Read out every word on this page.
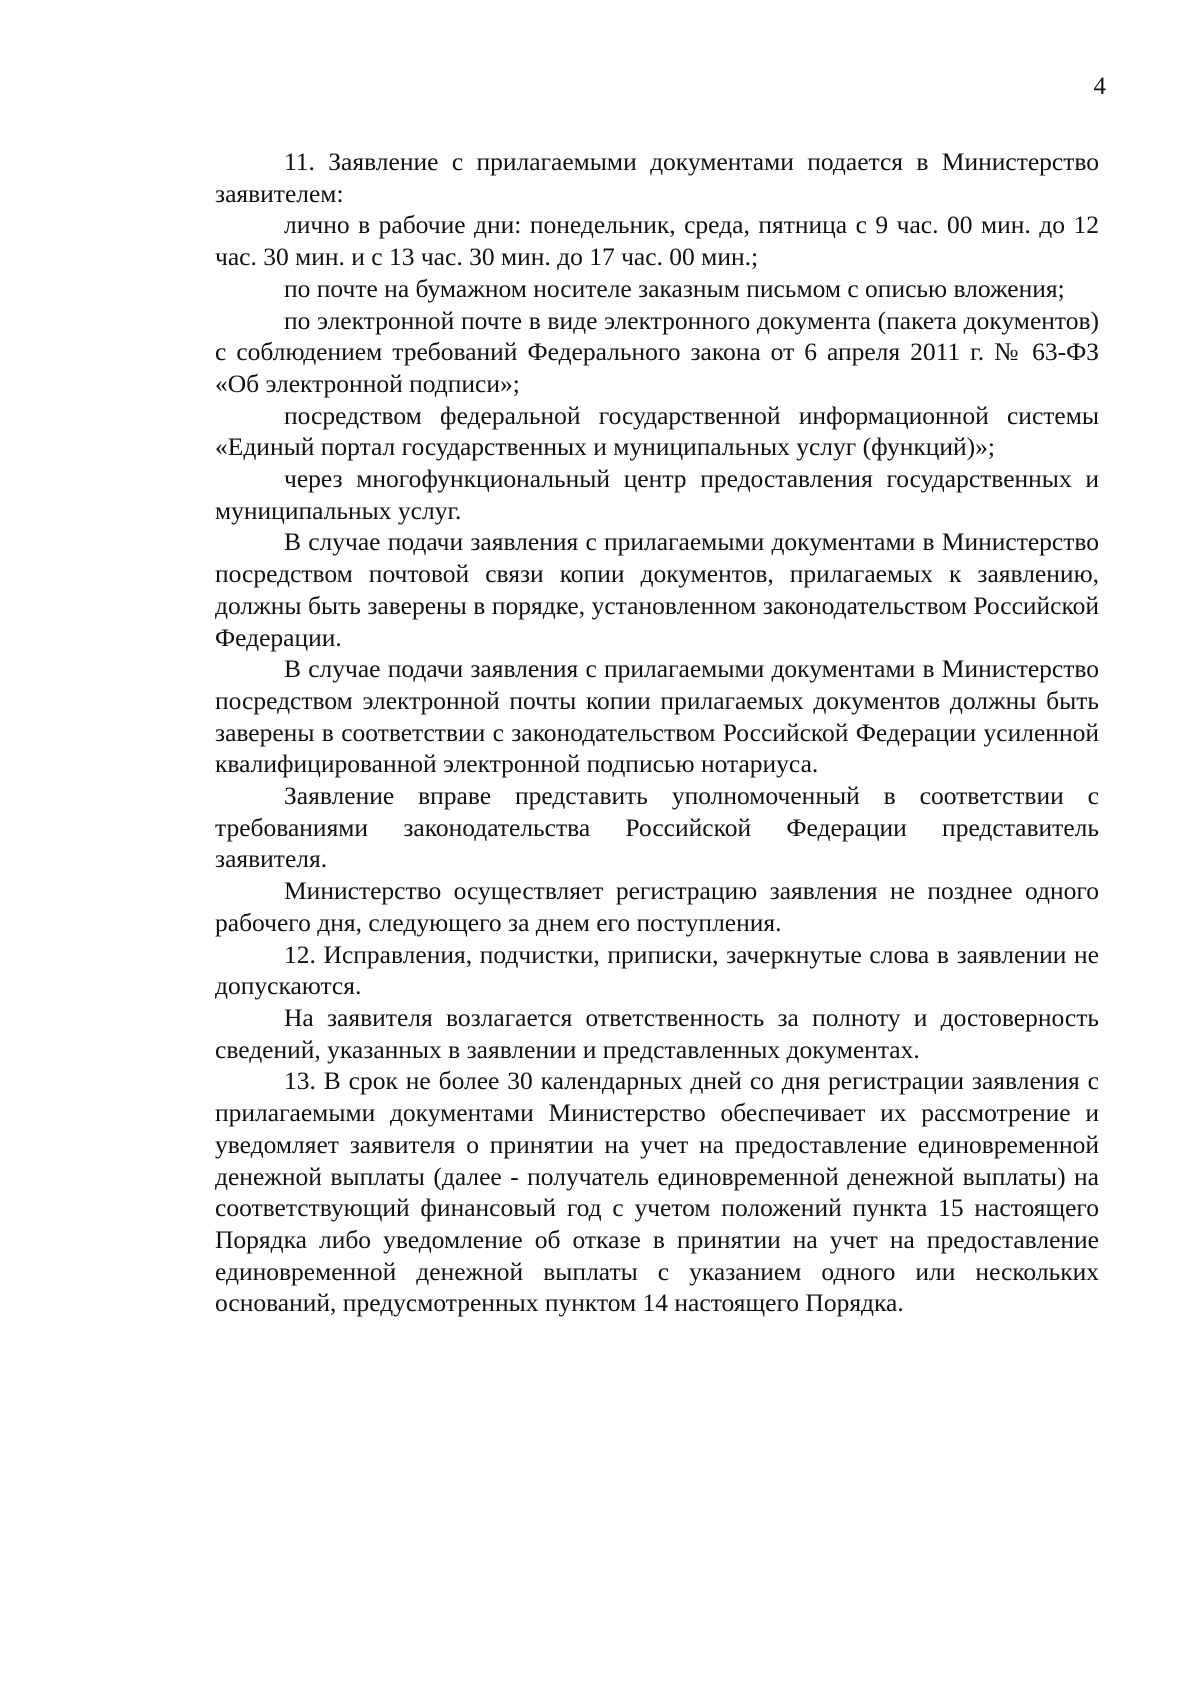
4

11. Заявление с прилагаемыми документами подается в Министерство заявителем:

лично в рабочие дни: понедельник, среда, пятница с 9 час. 00 мин. до 12 час. 30 мин. и с 13 час. 30 мин. до 17 час. 00 мин.;

по почте на бумажном носителе заказным письмом с описью вложения;

по электронной почте в виде электронного документа (пакета документов) с соблюдением требований Федерального закона от 6 апреля 2011 г. № 63-ФЗ «Об электронной подписи»;

посредством федеральной государственной информационной системы «Единый портал государственных и муниципальных услуг (функций)»;

через многофункциональный центр предоставления государственных и муниципальных услуг.

В случае подачи заявления с прилагаемыми документами в Министерство посредством почтовой связи копии документов, прилагаемых к заявлению, должны быть заверены в порядке, установленном законодательством Российской Федерации.

В случае подачи заявления с прилагаемыми документами в Министерство посредством электронной почты копии прилагаемых документов должны быть заверены в соответствии с законодательством Российской Федерации усиленной квалифицированной электронной подписью нотариуса.

Заявление вправе представить уполномоченный в соответствии с требованиями законодательства Российской Федерации представитель заявителя.

Министерство осуществляет регистрацию заявления не позднее одного рабочего дня, следующего за днем его поступления.

12. Исправления, подчистки, приписки, зачеркнутые слова в заявлении не допускаются.

На заявителя возлагается ответственность за полноту и достоверность сведений, указанных в заявлении и представленных документах.

13. В срок не более 30 календарных дней со дня регистрации заявления с прилагаемыми документами Министерство обеспечивает их рассмотрение и уведомляет заявителя о принятии на учет на предоставление единовременной денежной выплаты (далее - получатель единовременной денежной выплаты) на соответствующий финансовый год с учетом положений пункта 15 настоящего Порядка либо уведомление об отказе в принятии на учет на предоставление единовременной денежной выплаты с указанием одного или нескольких оснований, предусмотренных пунктом 14 настоящего Порядка.
